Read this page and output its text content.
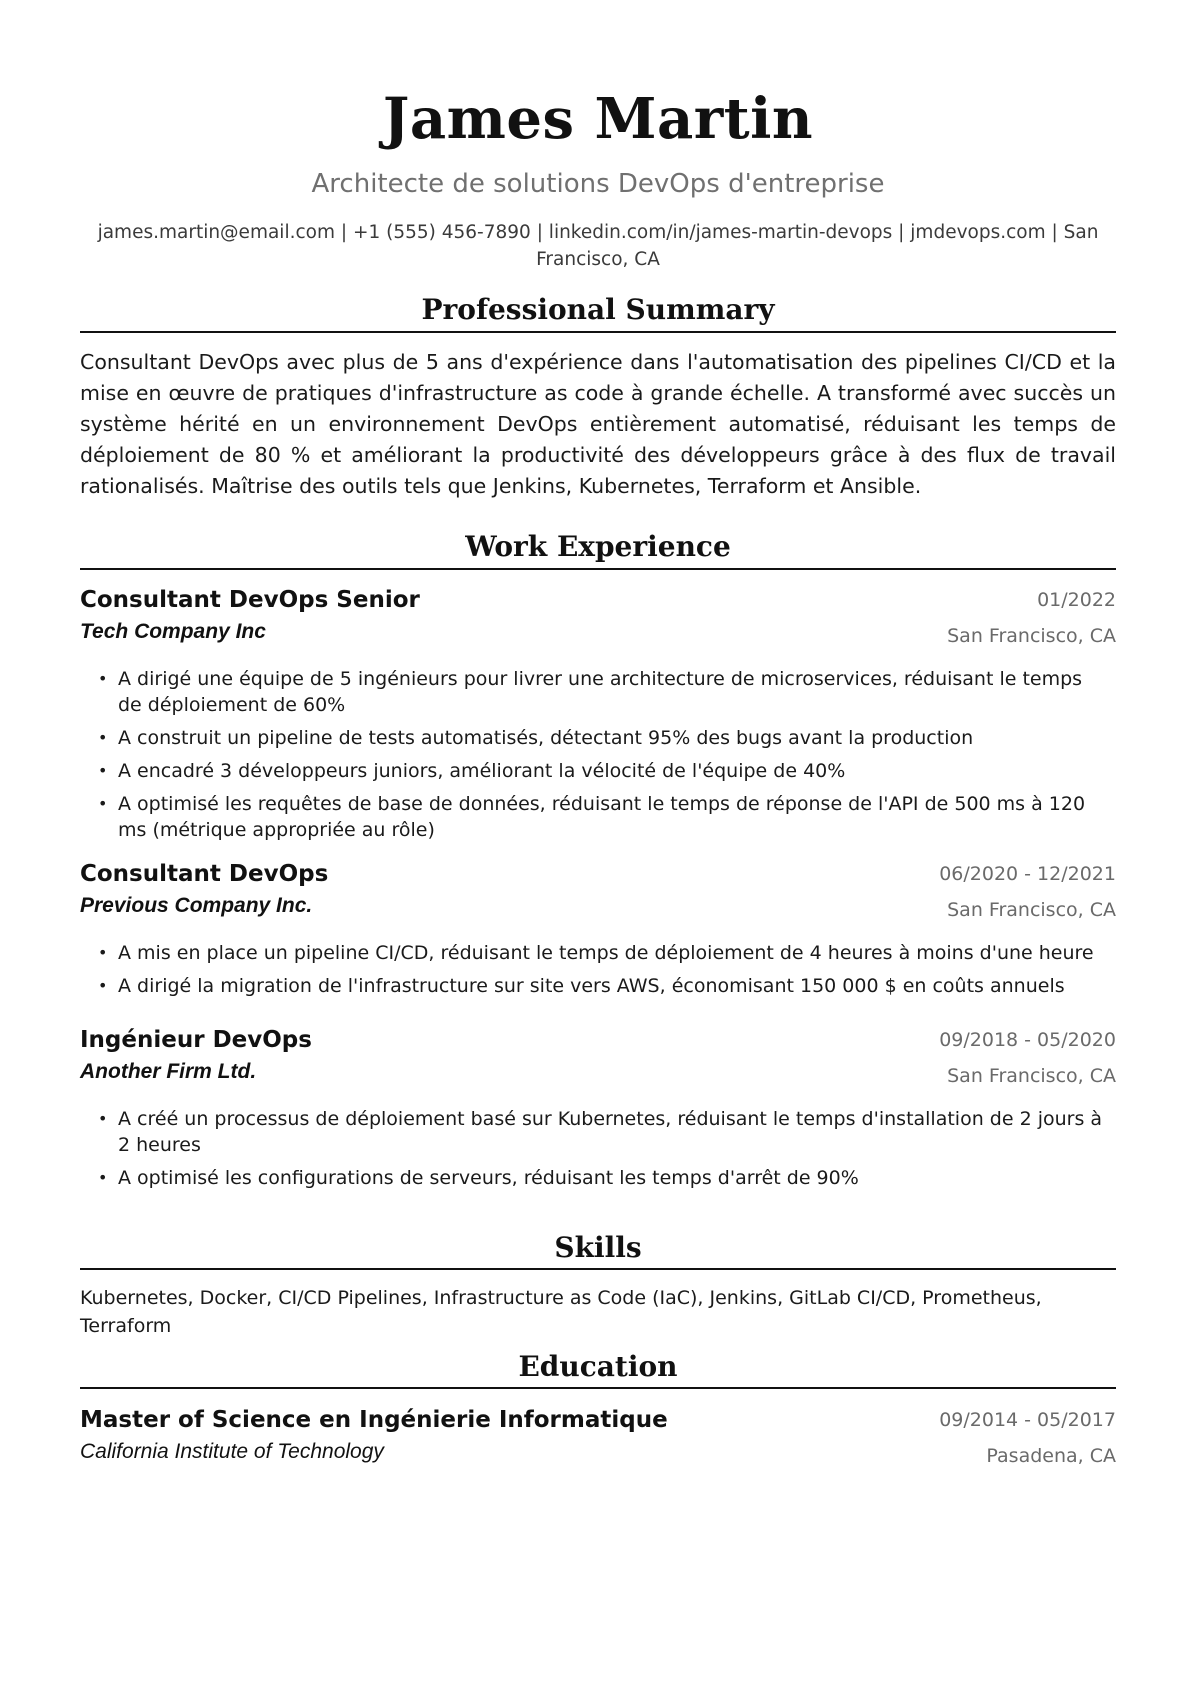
James Martin
Architecte de solutions DevOps d'entreprise
james.martin@email.com | +1 (555) 456-7890 | linkedin.com/in/james-martin-devops | jmdevops.com | San
Francisco, CA
Professional Summary
Consultant DevOps avec plus de 5 ans d'expérience dans l'automatisation des pipelines CI/CD et la mise en œuvre de pratiques d'infrastructure as code à grande échelle. A transformé avec succès un système hérité en un environnement DevOps entièrement automatisé, réduisant les temps de déploiement de 80 % et améliorant la productivité des développeurs grâce à des flux de travail rationalisés. Maîtrise des outils tels que Jenkins, Kubernetes, Terraform et Ansible.
Work Experience
Consultant DevOps Senior	01/2022
Tech Company Inc	San Francisco, CA
• A dirigé une équipe de 5 ingénieurs pour livrer une architecture de microservices, réduisant le temps de déploiement de 60%
• A construit un pipeline de tests automatisés, détectant 95% des bugs avant la production
• A encadré 3 développeurs juniors, améliorant la vélocité de l'équipe de 40%
• A optimisé les requêtes de base de données, réduisant le temps de réponse de l'API de 500 ms à 120 ms (métrique appropriée au rôle)
Consultant DevOps	06/2020 - 12/2021
Previous Company Inc.	San Francisco, CA
• A mis en place un pipeline CI/CD, réduisant le temps de déploiement de 4 heures à moins d'une heure
• A dirigé la migration de l'infrastructure sur site vers AWS, économisant 150 000 $ en coûts annuels
Ingénieur DevOps	09/2018 - 05/2020
Another Firm Ltd.	San Francisco, CA
• A créé un processus de déploiement basé sur Kubernetes, réduisant le temps d'installation de 2 jours à 2 heures
• A optimisé les configurations de serveurs, réduisant les temps d'arrêt de 90%
Skills
Kubernetes, Docker, CI/CD Pipelines, Infrastructure as Code (IaC), Jenkins, GitLab CI/CD, Prometheus, Terraform
Education
Master of Science en Ingénierie Informatique	09/2014 - 05/2017
California Institute of Technology	Pasadena, CA
